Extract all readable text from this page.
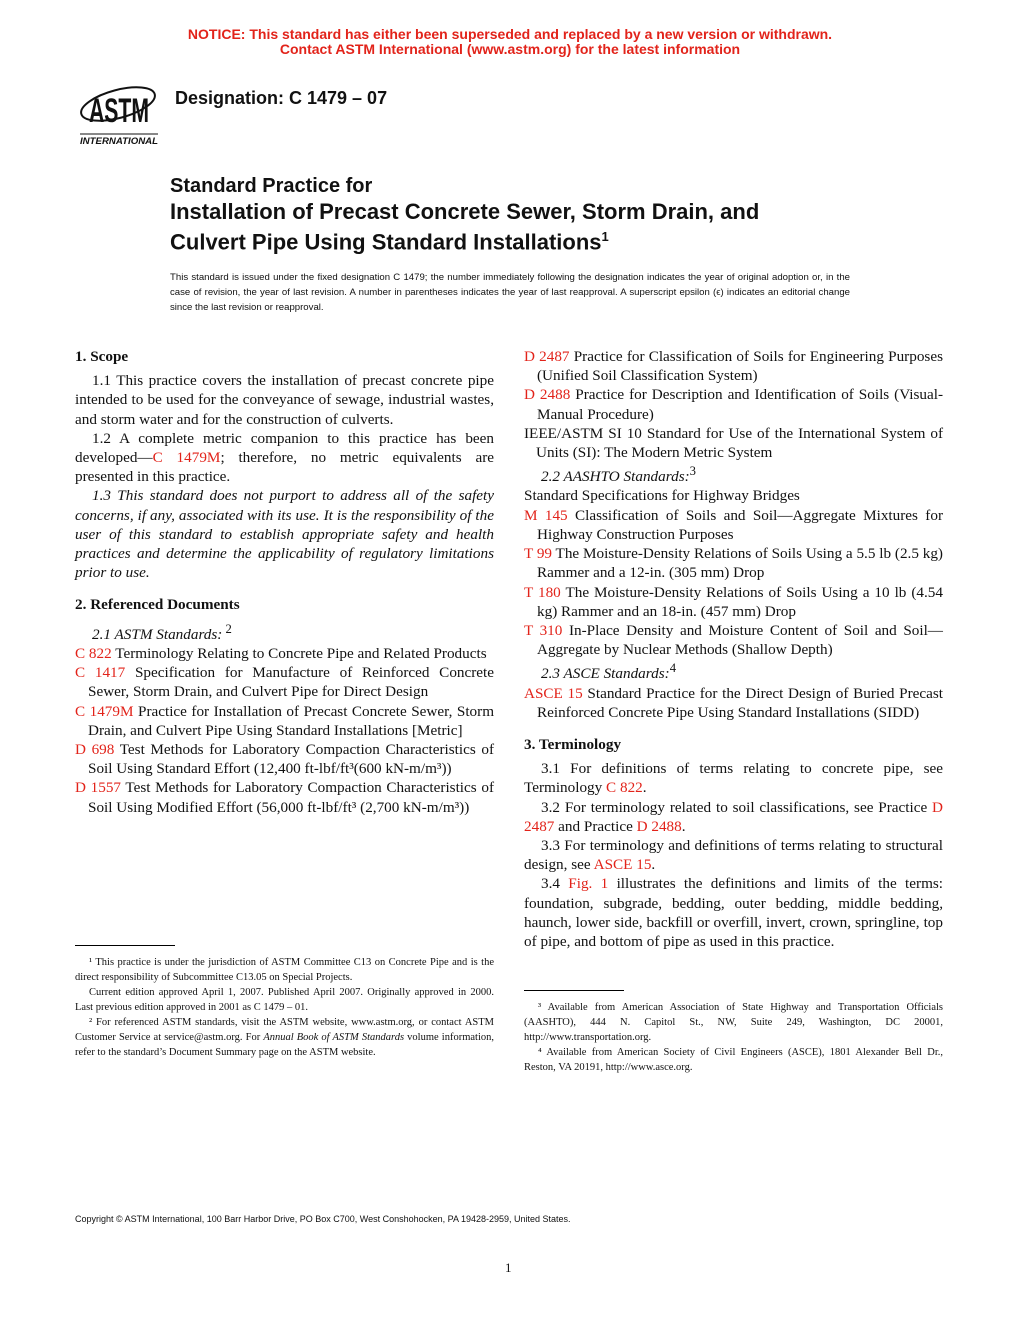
NOTICE: This standard has either been superseded and replaced by a new version or withdrawn.
Contact ASTM International (www.astm.org) for the latest information
ASTM
INTERNATIONAL
Designation: C 1479 – 07
Standard Practice for
Installation of Precast Concrete Sewer, Storm Drain, and
Culvert Pipe Using Standard Installations$^1$
This standard is issued under the fixed designation C 1479; the number immediately following the designation indicates the year of original adoption or, in the case of revision, the year of last revision. A number in parentheses indicates the year of last reapproval. A superscript epsilon (ϵ) indicates an editorial change since the last revision or reapproval.
1. Scope

1.1 This practice covers the installation of precast concrete pipe intended to be used for the conveyance of sewage, industrial wastes, and storm water and for the construction of culverts.

1.2 A complete metric companion to this practice has been developed—C 1479M; therefore, no metric equivalents are presented in this practice.

1.3 This standard does not purport to address all of the safety concerns, if any, associated with its use. It is the responsibility of the user of this standard to establish appropriate safety and health practices and determine the applicability of regulatory limitations prior to use.

2. Referenced Documents

2.1 ASTM Standards: $^2$

C 822 Terminology Relating to Concrete Pipe and Related Products

C 1417 Specification for Manufacture of Reinforced Concrete Sewer, Storm Drain, and Culvert Pipe for Direct Design

C 1479M Practice for Installation of Precast Concrete Sewer, Storm Drain, and Culvert Pipe Using Standard Installations [Metric]

D 698 Test Methods for Laboratory Compaction Characteristics of Soil Using Standard Effort (12,400 ft-lbf/ft³(600 kN-m/m³))

D 1557 Test Methods for Laboratory Compaction Characteristics of Soil Using Modified Effort (56,000 ft-lbf/ft³ (2,700 kN-m/m³))

D 2487 Practice for Classification of Soils for Engineering Purposes (Unified Soil Classification System)

D 2488 Practice for Description and Identification of Soils (Visual-Manual Procedure)

IEEE/ASTM SI 10 Standard for Use of the International System of Units (SI): The Modern Metric System

2.2 AASHTO Standards:$^3$

Standard Specifications for Highway Bridges

M 145 Classification of Soils and Soil—Aggregate Mixtures for Highway Construction Purposes

T 99 The Moisture-Density Relations of Soils Using a 5.5 lb (2.5 kg) Rammer and a 12-in. (305 mm) Drop

T 180 The Moisture-Density Relations of Soils Using a 10 lb (4.54 kg) Rammer and an 18-in. (457 mm) Drop

T 310 In-Place Density and Moisture Content of Soil and Soil—Aggregate by Nuclear Methods (Shallow Depth)

2.3 ASCE Standards:$^4$

ASCE 15 Standard Practice for the Direct Design of Buried Precast Reinforced Concrete Pipe Using Standard Installations (SIDD)

3. Terminology

3.1 For definitions of terms relating to concrete pipe, see Terminology C 822.

3.2 For terminology related to soil classifications, see Practice D 2487 and Practice D 2488.

3.3 For terminology and definitions of terms relating to structural design, see ASCE 15.

3.4 Fig. 1 illustrates the definitions and limits of the terms: foundation, subgrade, bedding, outer bedding, middle bedding, haunch, lower side, backfill or overfill, invert, crown, springline, top of pipe, and bottom of pipe as used in this practice.

¹ This practice is under the jurisdiction of ASTM Committee C13 on Concrete Pipe and is the direct responsibility of Subcommittee C13.05 on Special Projects.

Current edition approved April 1, 2007. Published April 2007. Originally approved in 2000. Last previous edition approved in 2001 as C 1479 – 01.

² For referenced ASTM standards, visit the ASTM website, www.astm.org, or contact ASTM Customer Service at service@astm.org. For Annual Book of ASTM Standards volume information, refer to the standard’s Document Summary page on the ASTM website.

³ Available from American Association of State Highway and Transportation Officials (AASHTO), 444 N. Capitol St., NW, Suite 249, Washington, DC 20001, http://www.transportation.org.

⁴ Available from American Society of Civil Engineers (ASCE), 1801 Alexander Bell Dr., Reston, VA 20191, http://www.asce.org.

Copyright © ASTM International, 100 Barr Harbor Drive, PO Box C700, West Conshohocken, PA 19428-2959, United States.
1
